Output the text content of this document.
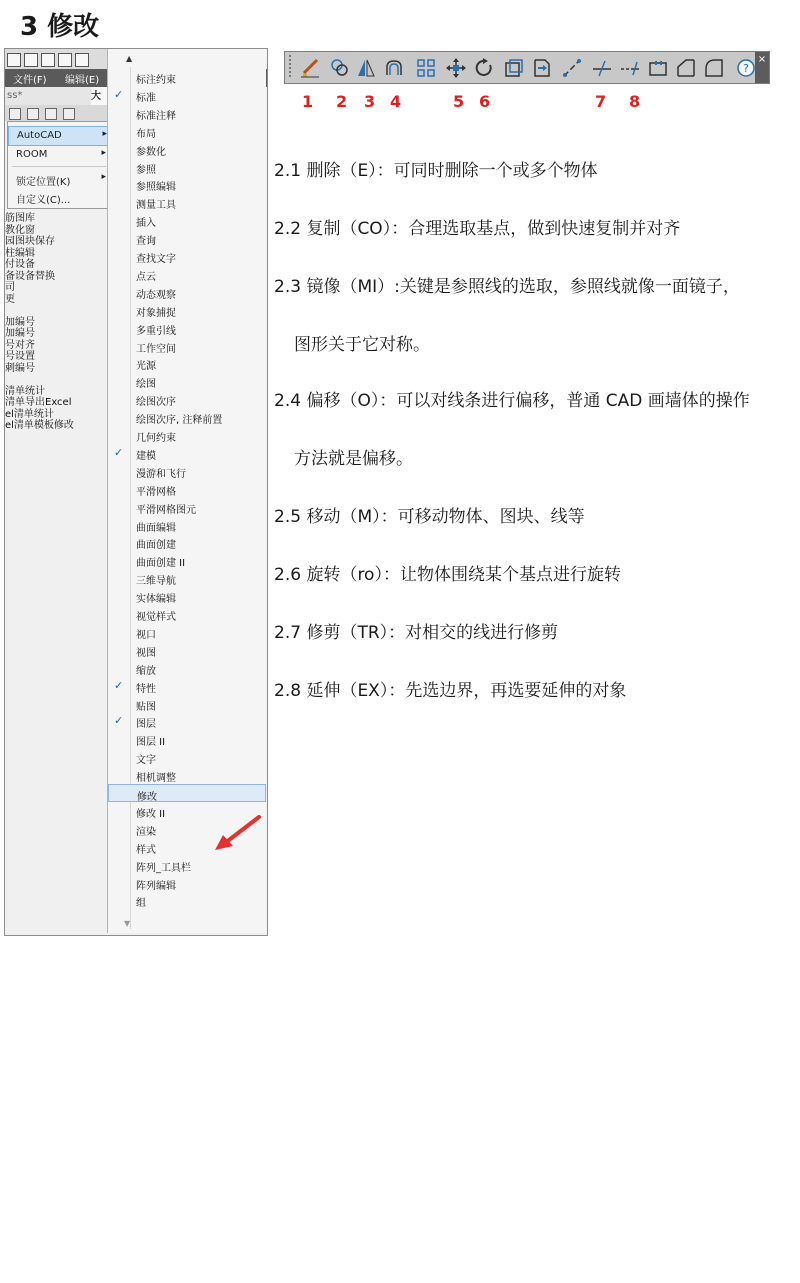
3 修改
文件(F) 编辑(E)
ss*	大
AutoCAD	▸
ROOM	▸
锁定位置(K)	▸
自定义(C)...
筋图库
教化窗
园图块保存
柱编辑
付设备
备设备替换
司
更
加编号
加编号
号对齐
号设置
刺编号
清单统计
清单导出Excel
el清单统计
el清单模板修改
▲
▼
标注约束
✓ 标准
标准注释
布局
参数化
参照
参照编辑
测量工具
插入
查询
查找文字
点云
动态观察
对象捕捉
多重引线
工作空间
光源
绘图
绘图次序
绘图次序, 注释前置
几何约束
✓ 建模
漫游和飞行
平滑网格
平滑网格图元
曲面编辑
曲面创建
曲面创建 II
三维导航
实体编辑
视觉样式
视口
视图
缩放
✓ 特性
贴图
✓ 图层
图层 II
文字
相机调整
修改
修改 II
渲染
样式
阵列_工具栏
阵列编辑
组
?
×
1 2 3 4	5 6	7 8
2.1 删除（E）：可同时删除一个或多个物体
2.2 复制（CO）：合理选取基点，做到快速复制并对齐
2.3 镜像（MI）:关键是参照线的选取，参照线就像一面镜子，
图形关于它对称。
2.4 偏移（O）：可以对线条进行偏移，普通 CAD 画墙体的操作
方法就是偏移。
2.5 移动（M）：可移动物体、图块、线等
2.6 旋转（ro）：让物体围绕某个基点进行旋转
2.7 修剪（TR）：对相交的线进行修剪
2.8 延伸（EX）：先选边界，再选要延伸的对象
